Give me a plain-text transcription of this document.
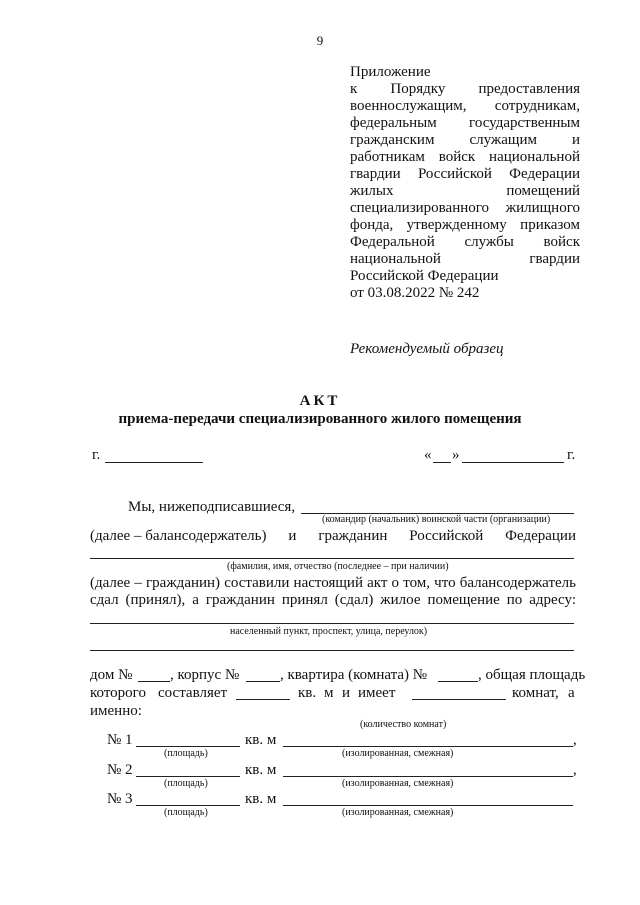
9
Приложение
к Порядку предоставления
военнослужащим, сотрудникам,
федеральным государственным
гражданским служащим и
работникам войск национальной
гвардии Российской Федерации
жилых помещений
специализированного жилищного
фонда, утвержденному приказом
Федеральной службы войск
национальной гвардии
Российской Федерации
от 03.08.2022 № 242
Рекомендуемый образец
АКТ
приема-передачи специализированного жилого помещения
г.	« »	г.
Мы, нижеподписавшиеся,
(командир (начальник) воинской части (организации)
(далее – балансодержатель) и гражданин Российской Федерации
(фамилия, имя, отчество (последнее – при наличии)
(далее – гражданин) составили настоящий акт о том, что балансодержатель
сдал (принял), а гражданин принял (сдал) жилое помещение по адресу:
населенный пункт, проспект, улица, переулок)
дом №	, корпус №	, квартира (комната) №	, общая площадь
которого составляет	кв. м и имеет	комнат, а
именно:
(количество комнат)
№ 1	кв. м	,
(площадь)	(изолированная, смежная)
№ 2	кв. м	,
(площадь)	(изолированная, смежная)
№ 3	кв. м
(площадь)	(изолированная, смежная)
